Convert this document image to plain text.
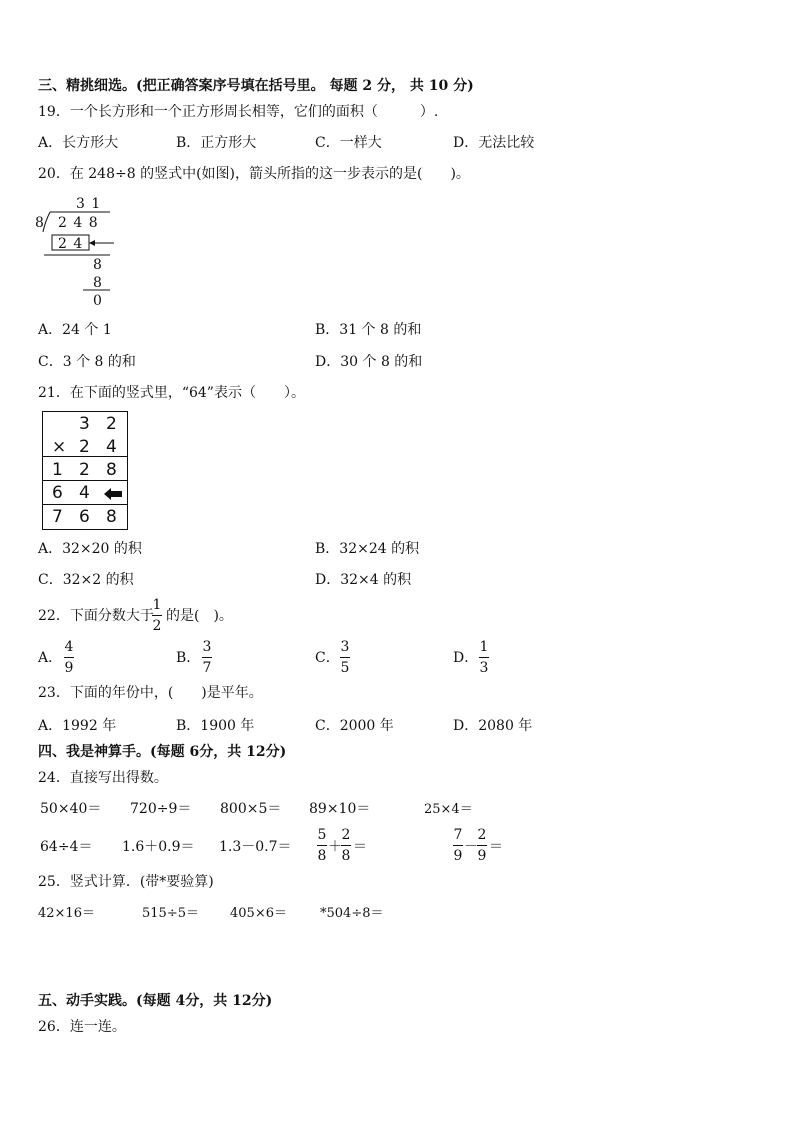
三、精挑细选。(把正确答案序号填在括号里。 每题 2 分， 共 10 分)
19．一个长方形和一个正方形周长相等，它们的面积（　　　）.
A．长方形大	B．正方形大	C．一样大	D．无法比较
20．在 248÷8 的竖式中(如图)，箭头所指的这一步表示的是(　　)。
3 1
8 2 4 8
2 4
8
8
0
A．24 个 1	B．31 个 8 的和
C．3 个 8 的和	D．30 个 8 的和
21．在下面的竖式里，“64”表示（　　）。
3 2
× 2 4
1 2 8
6 4
7 6 8
A．32×20 的积	B．32×24 的积
C．32×2 的积	D．32×4 的积
22．下面分数大于
1
2
的是(　)。
A．
4
9
B．
3
7
C．
3
5
D．
1
3
23．下面的年份中，(　　)是平年。
A．1992 年	B．1900 年	C．2000 年	D．2080 年
四、我是神算手。(每题 6分，共 12分)
24．直接写出得数。
50×40＝ 720÷9＝ 800×5＝ 89×10＝	25×4＝
64÷4＝ 1.6＋0.9＝ 1.3－0.7＝
5
8
＋
2
8
＝
7
9
－
2
9
＝
25．竖式计算．(带*要验算)
42×16＝	515÷5＝ 405×6＝	*504÷8＝
五、动手实践。(每题 4分，共 12分)
26．连一连。
